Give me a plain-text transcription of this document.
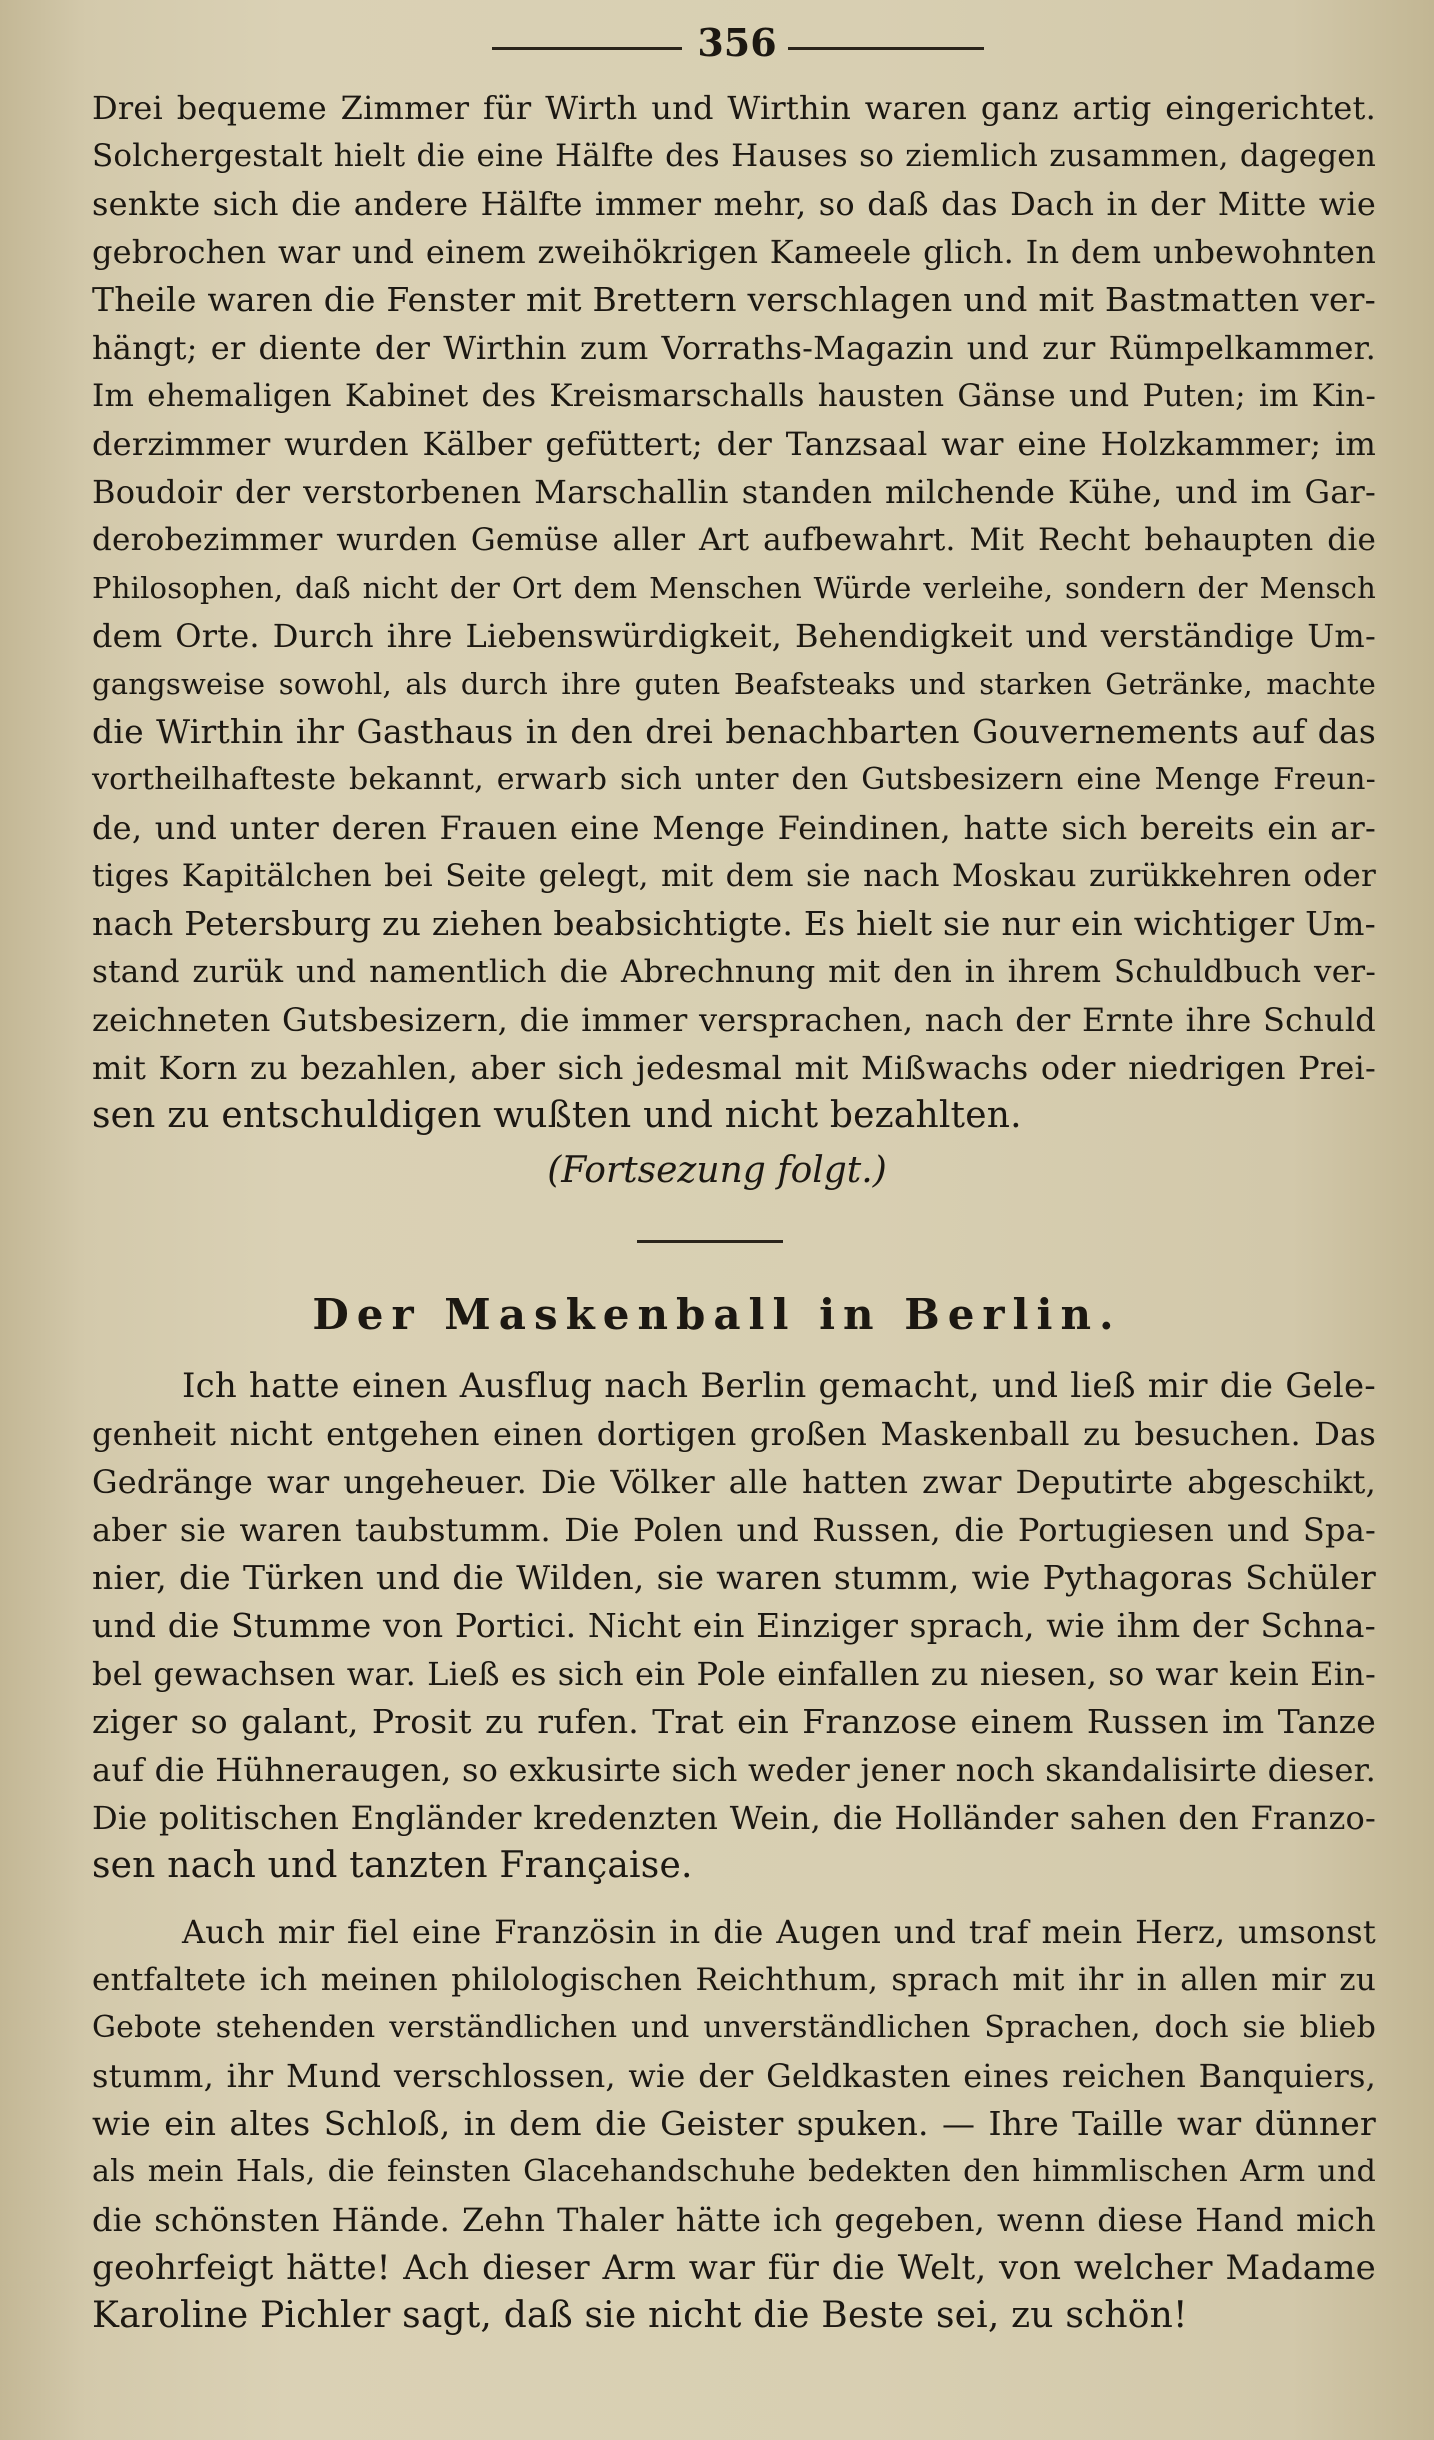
356
Drei bequeme Zimmer für Wirth und Wirthin waren ganz artig eingerichtet.
Solchergestalt hielt die eine Hälfte des Hauses so ziemlich zusammen, dagegen
senkte sich die andere Hälfte immer mehr, so daß das Dach in der Mitte wie
gebrochen war und einem zweihökrigen Kameele glich. In dem unbewohnten
Theile waren die Fenster mit Brettern verschlagen und mit Bastmatten ver-
hängt; er diente der Wirthin zum Vorraths-Magazin und zur Rümpelkammer.
Im ehemaligen Kabinet des Kreismarschalls hausten Gänse und Puten; im Kin-
derzimmer wurden Kälber gefüttert; der Tanzsaal war eine Holzkammer; im
Boudoir der verstorbenen Marschallin standen milchende Kühe, und im Gar-
derobezimmer wurden Gemüse aller Art aufbewahrt. Mit Recht behaupten die
Philosophen, daß nicht der Ort dem Menschen Würde verleihe, sondern der Mensch
dem Orte. Durch ihre Liebenswürdigkeit, Behendigkeit und verständige Um-
gangsweise sowohl, als durch ihre guten Beafsteaks und starken Getränke, machte
die Wirthin ihr Gasthaus in den drei benachbarten Gouvernements auf das
vortheilhafteste bekannt, erwarb sich unter den Gutsbesizern eine Menge Freun-
de, und unter deren Frauen eine Menge Feindinen, hatte sich bereits ein ar-
tiges Kapitälchen bei Seite gelegt, mit dem sie nach Moskau zurükkehren oder
nach Petersburg zu ziehen beabsichtigte. Es hielt sie nur ein wichtiger Um-
stand zurük und namentlich die Abrechnung mit den in ihrem Schuldbuch ver-
zeichneten Gutsbesizern, die immer versprachen, nach der Ernte ihre Schuld
mit Korn zu bezahlen, aber sich jedesmal mit Mißwachs oder niedrigen Prei-
sen zu entschuldigen wußten und nicht bezahlten.
(Fortsezung folgt.)
Der Maskenball in Berlin.
Ich hatte einen Ausflug nach Berlin gemacht, und ließ mir die Gele-
genheit nicht entgehen einen dortigen großen Maskenball zu besuchen. Das
Gedränge war ungeheuer. Die Völker alle hatten zwar Deputirte abgeschikt,
aber sie waren taubstumm. Die Polen und Russen, die Portugiesen und Spa-
nier, die Türken und die Wilden, sie waren stumm, wie Pythagoras Schüler
und die Stumme von Portici. Nicht ein Einziger sprach, wie ihm der Schna-
bel gewachsen war. Ließ es sich ein Pole einfallen zu niesen, so war kein Ein-
ziger so galant, Prosit zu rufen. Trat ein Franzose einem Russen im Tanze
auf die Hühneraugen, so exkusirte sich weder jener noch skandalisirte dieser.
Die politischen Engländer kredenzten Wein, die Holländer sahen den Franzo-
sen nach und tanzten Française.
Auch mir fiel eine Französin in die Augen und traf mein Herz, umsonst
entfaltete ich meinen philologischen Reichthum, sprach mit ihr in allen mir zu
Gebote stehenden verständlichen und unverständlichen Sprachen, doch sie blieb
stumm, ihr Mund verschlossen, wie der Geldkasten eines reichen Banquiers,
wie ein altes Schloß, in dem die Geister spuken. — Ihre Taille war dünner
als mein Hals, die feinsten Glacehandschuhe bedekten den himmlischen Arm und
die schönsten Hände. Zehn Thaler hätte ich gegeben, wenn diese Hand mich
geohrfeigt hätte! Ach dieser Arm war für die Welt, von welcher Madame
Karoline Pichler sagt, daß sie nicht die Beste sei, zu schön!
